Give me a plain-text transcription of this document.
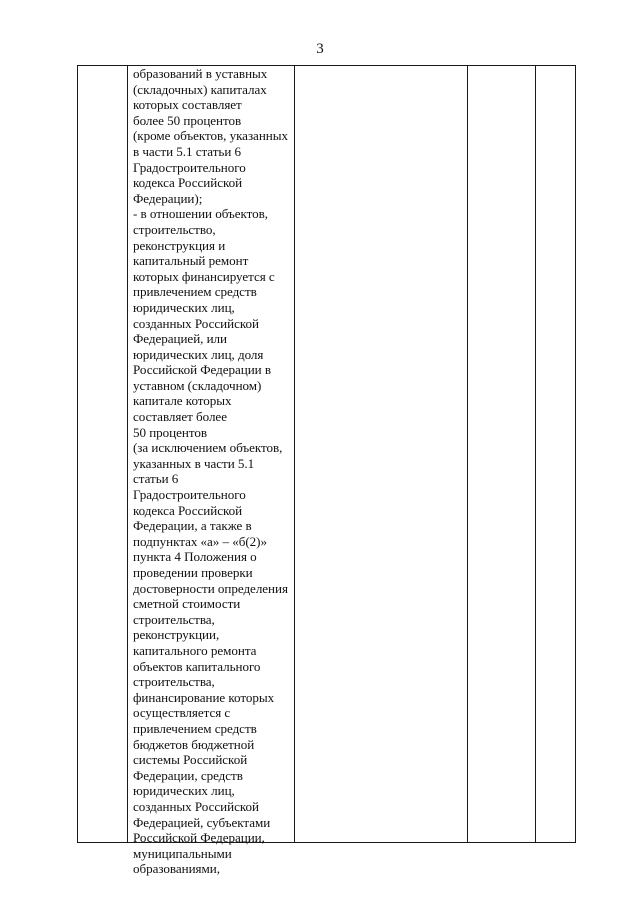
3
образований в уставных
(складочных) капиталах
которых составляет
более 50 процентов
(кроме объектов, указанных
в части 5.1 статьи 6
Градостроительного
кодекса Российской
Федерации);
- в отношении объектов,
строительство,
реконструкция и
капитальный ремонт
которых финансируется с
привлечением средств
юридических лиц,
созданных Российской
Федерацией, или
юридических лиц, доля
Российской Федерации в
уставном (складочном)
капитале которых
составляет более
50 процентов
(за исключением объектов,
указанных в части 5.1
статьи 6
Градостроительного
кодекса Российской
Федерации, а также в
подпунктах «а» – «б(2)»
пункта 4 Положения о
проведении проверки
достоверности определения
сметной стоимости
строительства,
реконструкции,
капитального ремонта
объектов капитального
строительства,
финансирование которых
осуществляется с
привлечением средств
бюджетов бюджетной
системы Российской
Федерации, средств
юридических лиц,
созданных Российской
Федерацией, субъектами
Российской Федерации,
муниципальными
образованиями,
